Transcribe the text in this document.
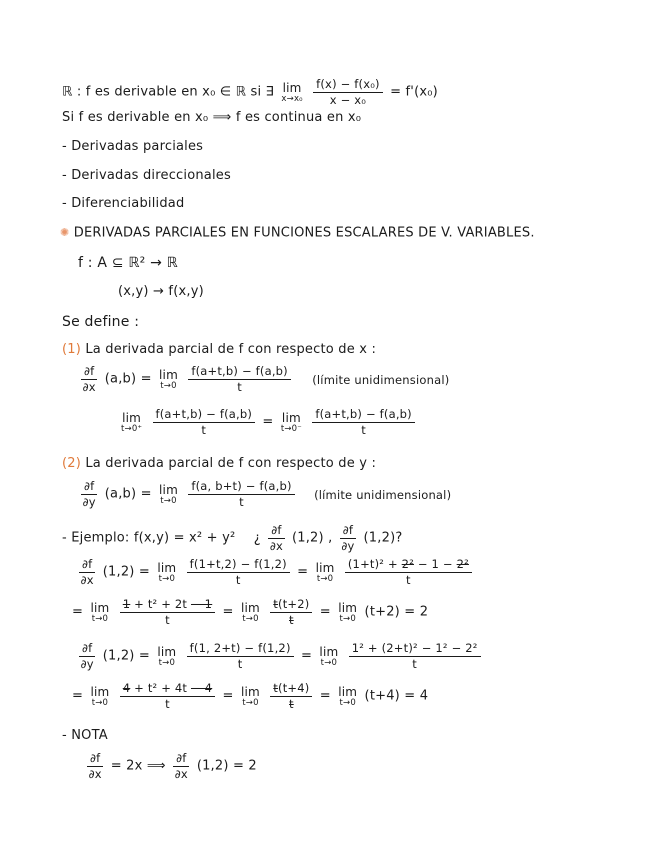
ℝ : f es derivable en x₀ ∈ ℝ si ∃ lim
x→x₀
$\frac{\text{f(x) − f(x₀)}}{\text{x − x₀}} = f'(x_0)$
Si f es derivable en x₀ ⟹ f es continua en x₀
- Derivadas parciales
- Derivadas direccionales
- Diferenciabilidad
✺ DERIVADAS PARCIALES EN FUNCIONES ESCALARES DE V. VARIABLES.
f : A ⊆ ℝ² → ℝ
(x,y) → f(x,y)
Se define :
(1) La derivada parcial de f con respecto de x :
$\frac{\partial f}{\partial x} (a,b) = \lim$
t→0
$\frac{f(a+t,b) - f(a,b)}{t}$ (límite unidimensional)
lim
t→0⁺
$\frac{f(a+t,b) - f(a,b)}{t} = \lim$
t→0⁻
$\frac{f(a+t,b) - f(a,b)}{t}$
(2) La derivada parcial de f con respecto de y :
$\frac{\partial f}{\partial y} (a,b) = \lim$
t→0
$\frac{f(a, b+t) - f(a,b)}{t}$ (límite unidimensional)
- Ejemplo: f(x,y) = x² + y² ¿ $\frac{\partial f}{\partial x} (1,2)$ , $\frac{\partial f}{\partial y} (1,2)$?
$\frac{\partial f}{\partial x} (1,2) = \lim$
t→0
$\frac{f(1+t,2) - f(1,2)}{t} = \lim$
t→0
$\frac{\text{(1+t)² + 2² − 1 − 2²}}{t}$
= lim
t→0
$\frac{\text{1 + t² + 2t − 1}}{t} = \lim$
t→0
$\frac{t(t+2)}{t} = \lim$
t→0 (t+2) = 2
$\frac{\partial f}{\partial y} (1,2) = \lim$
t→0
$\frac{f(1, 2+t) - f(1,2)}{t} = \lim$
t→0
$\frac{\text{1² + (2+t)² − 1² − 2²}}{t}$
= lim
t→0
$\frac{\text{4 + t² + 4t − 4}}{t} = \lim$
t→0
$\frac{t(t+4)}{t} = \lim$
t→0 (t+4) = 4
- NOTA
$\frac{\partial f}{\partial x} = 2x$ ⟹ $\frac{\partial f}{\partial x} (1,2) = 2$
